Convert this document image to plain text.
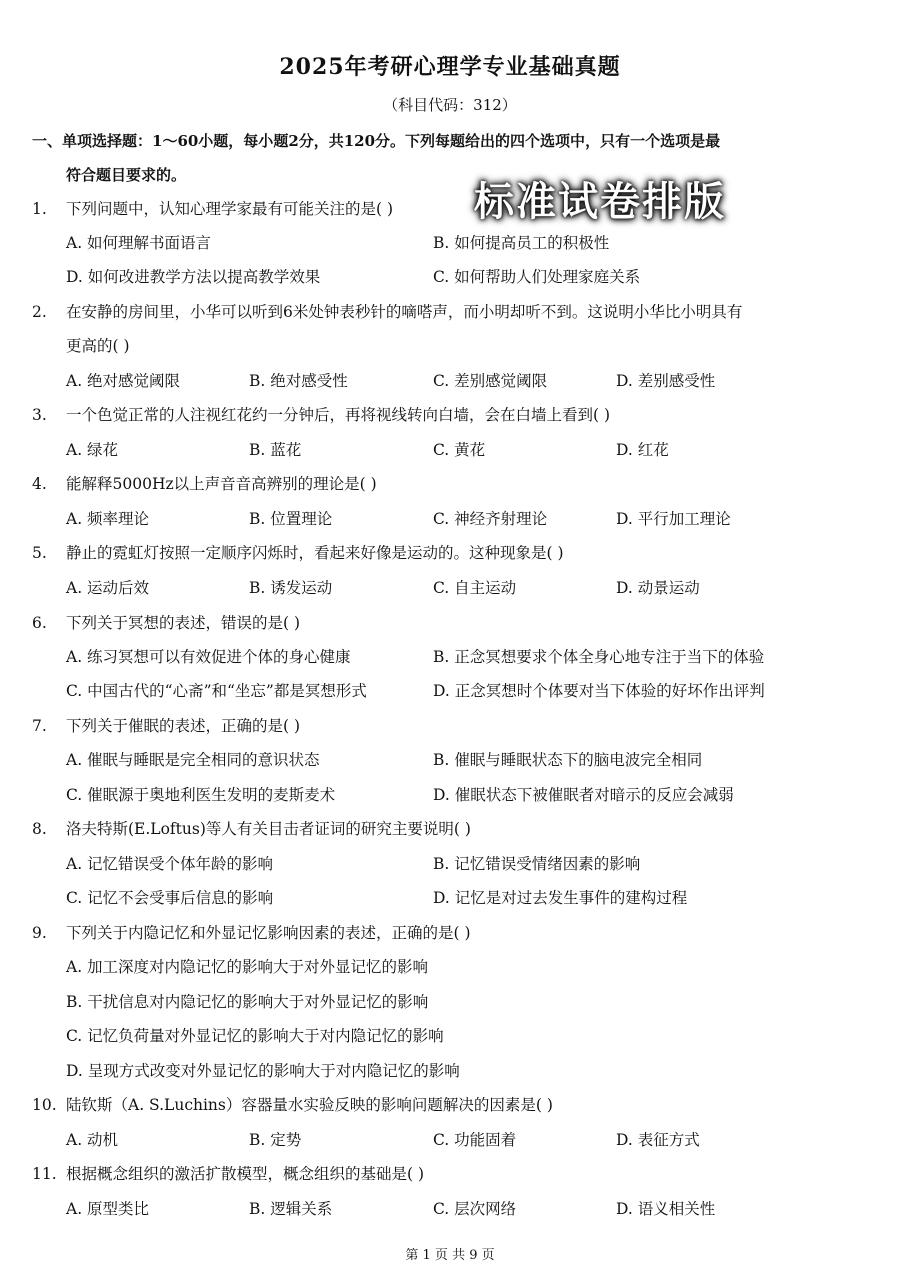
2025年考研心理学专业基础真题
（科目代码：312）
一、单项选择题：1～60小题，每小题2分，共120分。下列每题给出的四个选项中，只有一个选项是最
符合题目要求的。
标准试卷排版
1. 下列问题中，认知心理学家最有可能关注的是( )
A. 如何理解书面语言	B. 如何提高员工的积极性
D. 如何改进教学方法以提高教学效果	C. 如何帮助人们处理家庭关系
2. 在安静的房间里，小华可以听到6米处钟表秒针的嘀嗒声，而小明却听不到。这说明小华比小明具有
更高的( )
A. 绝对感觉阈限	B. 绝对感受性	C. 差别感觉阈限	D. 差别感受性
3. 一个色觉正常的人注视红花约一分钟后，再将视线转向白墙，会在白墙上看到( )
A. 绿花	B. 蓝花	C. 黄花	D. 红花
4. 能解释5000Hz以上声音音高辨别的理论是( )
A. 频率理论	B. 位置理论	C. 神经齐射理论	D. 平行加工理论
5. 静止的霓虹灯按照一定顺序闪烁时，看起来好像是运动的。这种现象是( )
A. 运动后效	B. 诱发运动	C. 自主运动	D. 动景运动
6. 下列关于冥想的表述，错误的是( )
A. 练习冥想可以有效促进个体的身心健康	B. 正念冥想要求个体全身心地专注于当下的体验
C. 中国古代的“心斋”和“坐忘”都是冥想形式	D. 正念冥想时个体要对当下体验的好坏作出评判
7. 下列关于催眠的表述，正确的是( )
A. 催眠与睡眠是完全相同的意识状态	B. 催眠与睡眠状态下的脑电波完全相同
C. 催眠源于奥地利医生发明的麦斯麦术	D. 催眠状态下被催眠者对暗示的反应会减弱
8. 洛夫特斯(E.Loftus)等人有关目击者证词的研究主要说明( )
A. 记忆错误受个体年龄的影响	B. 记忆错误受情绪因素的影响
C. 记忆不会受事后信息的影响	D. 记忆是对过去发生事件的建构过程
9. 下列关于内隐记忆和外显记忆影响因素的表述，正确的是( )
A. 加工深度对内隐记忆的影响大于对外显记忆的影响
B. 干扰信息对内隐记忆的影响大于对外显记忆的影响
C. 记忆负荷量对外显记忆的影响大于对内隐记忆的影响
D. 呈现方式改变对外显记忆的影响大于对内隐记忆的影响
10. 陆钦斯（A. S.Luchins）容器量水实验反映的影响问题解决的因素是( )
A. 动机	B. 定势	C. 功能固着	D. 表征方式
11. 根据概念组织的激活扩散模型，概念组织的基础是( )
A. 原型类比	B. 逻辑关系	C. 层次网络	D. 语义相关性
第 1 页 共 9 页
